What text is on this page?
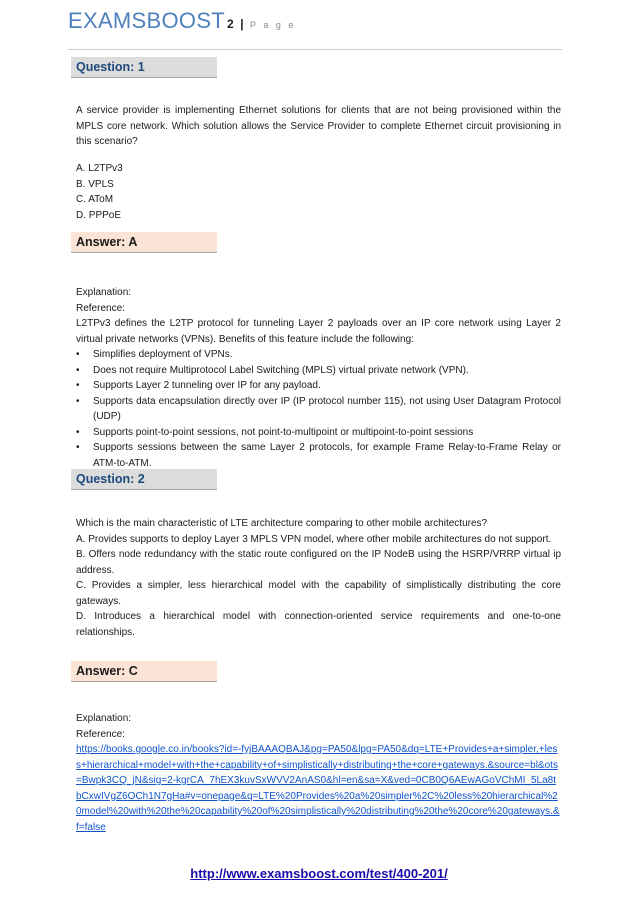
EXAMSBOOST 2 | P a g e
Question: 1
A service provider is implementing Ethernet solutions for clients that are not being provisioned within the MPLS core network. Which solution allows the Service Provider to complete Ethernet circuit provisioning in this scenario?
A. L2TPv3
B. VPLS
C. AToM
D. PPPoE
Answer: A
Explanation:
Reference:
L2TPv3 defines the L2TP protocol for tunneling Layer 2 payloads over an IP core network using Layer 2 virtual private networks (VPNs). Benefits of this feature include the following:
•	Simplifies deployment of VPNs.
•	Does not require Multiprotocol Label Switching (MPLS) virtual private network (VPN).
•	Supports Layer 2 tunneling over IP for any payload.
•	Supports data encapsulation directly over IP (IP protocol number 115), not using User Datagram Protocol (UDP)
•	Supports point-to-point sessions, not point-to-multipoint or multipoint-to-point sessions
•	Supports sessions between the same Layer 2 protocols, for example Frame Relay-to-Frame Relay or ATM-to-ATM.
Question: 2
Which is the main characteristic of LTE architecture comparing to other mobile architectures?
A. Provides supports to deploy Layer 3 MPLS VPN model, where other mobile architectures do not support.
B. Offers node redundancy with the static route configured on the IP NodeB using the HSRP/VRRP virtual ip address.
C. Provides a simpler, less hierarchical model with the capability of simplistically distributing the core gateways.
D. Introduces a hierarchical model with connection-oriented service requirements and one-to-one relationships.
Answer: C
Explanation:
Reference:
https://books.google.co.in/books?id=-fyjBAAAQBAJ&pg=PA50&lpg=PA50&dq=LTE+Provides+a+simpler,+less+hierarchical+model+with+the+capability+of+simplistically+distributing+the+core+gateways.&source=bl&ots=Bwpk3CQ_jN&sig=2-kgrCA_7hEX3kuvSxWVV2AnAS0&hl=en&sa=X&ved=0CB0Q6AEwAGoVChMI_5La8tbCxwIVgZ6OCh1N7gHa#v=onepage&q=LTE%20Provides%20a%20simpler%2C%20less%20hierarchical%20model%20with%20the%20capability%20of%20simplistically%20distributing%20the%20core%20gateways.&f=false
http://www.examsboost.com/test/400-201/
